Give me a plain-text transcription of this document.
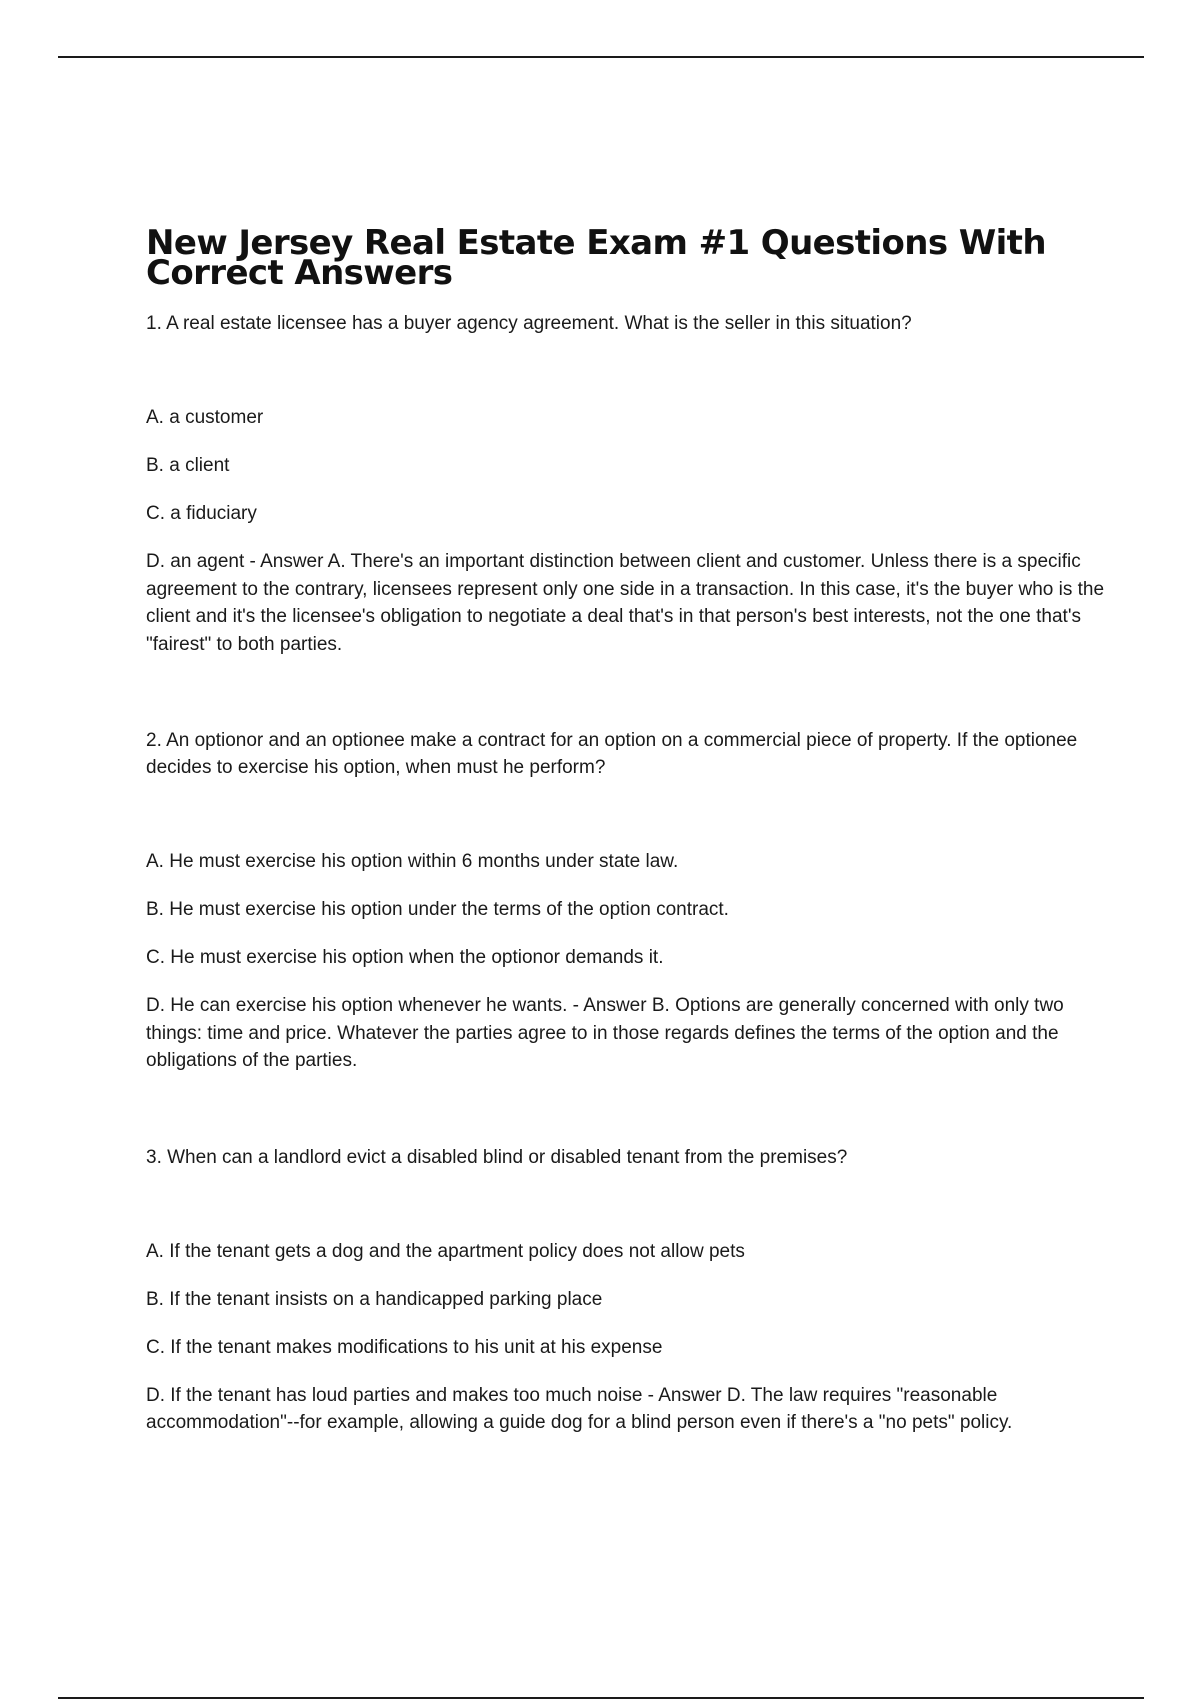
New Jersey Real Estate Exam #1 Questions With Correct Answers

1. A real estate licensee has a buyer agency agreement. What is the seller in this situation?

A. a customer

B. a client

C. a fiduciary

D. an agent - Answer A. There's an important distinction between client and customer. Unless there is a specific agreement to the contrary, licensees represent only one side in a transaction. In this case, it's the buyer who is the client and it's the licensee's obligation to negotiate a deal that's in that person's best interests, not the one that's "fairest" to both parties.

2. An optionor and an optionee make a contract for an option on a commercial piece of property. If the optionee decides to exercise his option, when must he perform?

A. He must exercise his option within 6 months under state law.

B. He must exercise his option under the terms of the option contract.

C. He must exercise his option when the optionor demands it.

D. He can exercise his option whenever he wants. - Answer B. Options are generally concerned with only two things: time and price. Whatever the parties agree to in those regards defines the terms of the option and the obligations of the parties.

3. When can a landlord evict a disabled blind or disabled tenant from the premises?

A. If the tenant gets a dog and the apartment policy does not allow pets

B. If the tenant insists on a handicapped parking place

C. If the tenant makes modifications to his unit at his expense

D. If the tenant has loud parties and makes too much noise - Answer D. The law requires "reasonable accommodation"--for example, allowing a guide dog for a blind person even if there's a "no pets" policy.
